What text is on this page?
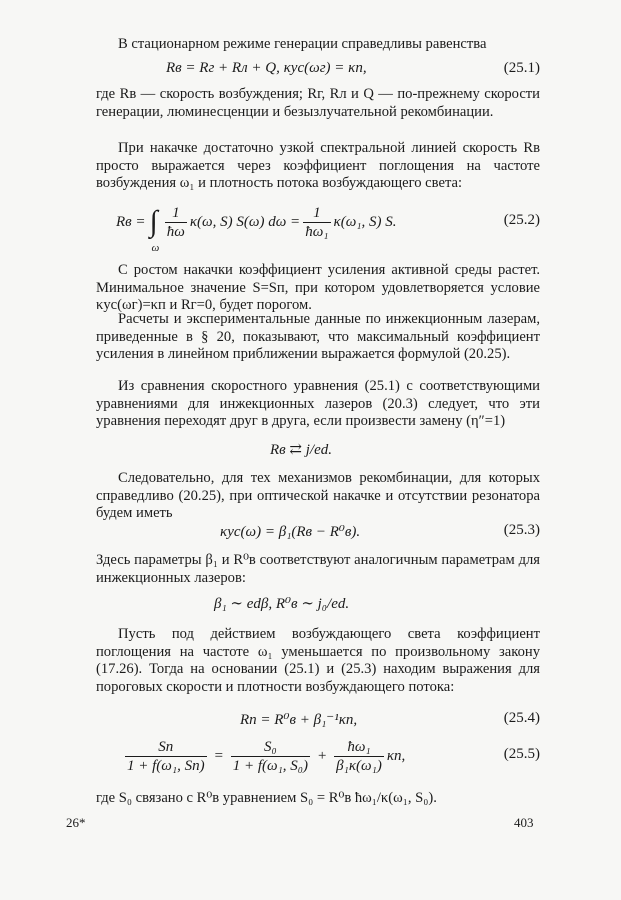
В стационарном режиме генерации справедливы равенства

Rв = Rг + Rл + Q, κус(ωг) = κп,	(25.1)

где Rв — скорость возбуждения; Rг, Rл и Q — по-прежнему скорости генерации, люминесценции и безызлучательной рекомбинации.

При накачке достаточно узкой спектральной линией скорость Rв просто выражается через коэффициент поглощения на частоте возбуждения ω₁ и плотность потока возбуждающего света:

Rв = ∫
ω
$\frac{1}{ħ\omega} \kappa(\omega$, S) S(ω) $d\omega = \frac{1}{\text{ħω₁}} \kappa(\omega_1$, S) S.	(25.2)

С ростом накачки коэффициент усиления активной среды растет. Минимальное значение S=Sп, при котором удовлетворяется условие κус(ωг)=κп и Rг=0, будет порогом.

Расчеты и экспериментальные данные по инжекционным лазерам, приведенные в § 20, показывают, что максимальный коэффициент усиления в линейном приближении выражается формулой (20.25).

Из сравнения скоростного уравнения (25.1) с соответствующими уравнениями для инжекционных лазеров (20.3) следует, что эти уравнения переходят друг в друга, если произвести замену (η″=1)

Rв ⇄ j/ed.

Следовательно, для тех механизмов рекомбинации, для которых справедливо (20.25), при оптической накачке и отсутствии резонатора будем иметь

κус(ω) = β₁(Rв − R⁰в).	(25.3)

Здесь параметры β₁ и R⁰в соответствуют аналогичным параметрам для инжекционных лазеров:

β₁ ∼ edβ, R⁰в ∼ j₀/ed.

Пусть под действием возбуждающего света коэффициент поглощения на частоте ω₁ уменьшается по произвольному закону (17.26). Тогда на основании (25.1) и (25.3) находим выражения для пороговых скорости и плотности возбуждающего потока:

Rп = R⁰в + β₁⁻¹κп,	(25.4)
$\frac{Sп}{\text{1 + f(ω₁, Sп)}} = \frac{\text{S₀}}{\text{1 + f(ω₁, S₀)}} + \frac{\text{ħω₁}}{\text{β₁κ(ω₁)}} \kappa п$,	(25.5)

где S₀ связано с R⁰в уравнением S₀ = R⁰в ħω₁/κ(ω₁, S₀).

26*	403
